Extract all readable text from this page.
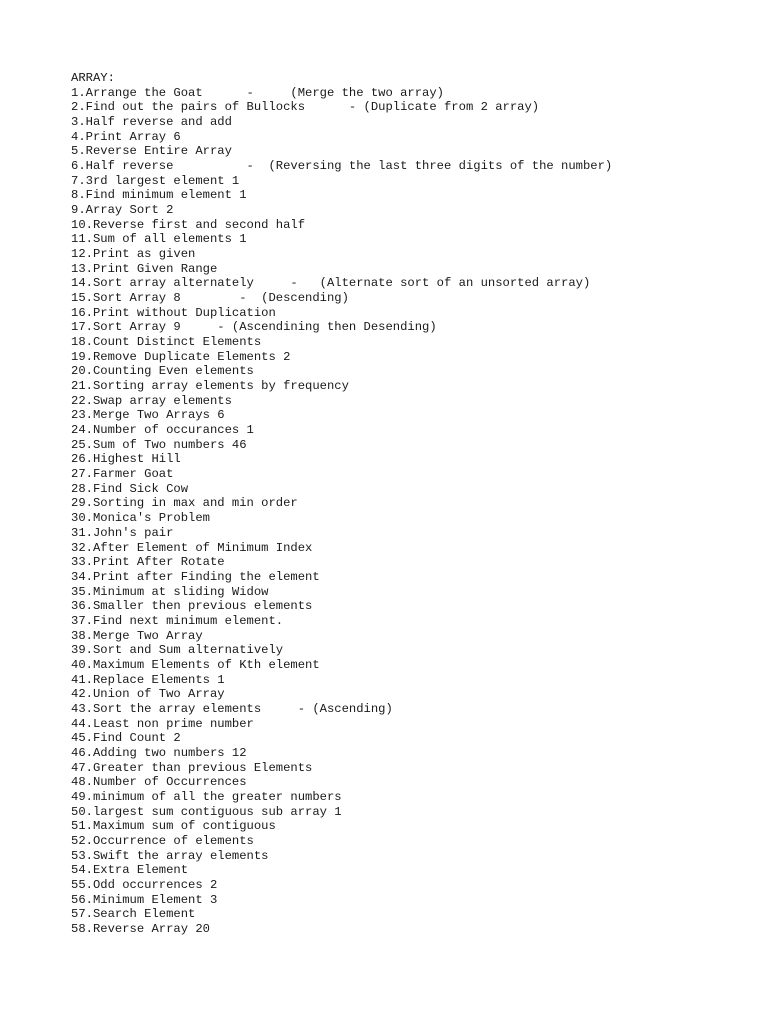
ARRAY:
1.Arrange the Goat      -     (Merge the two array)
2.Find out the pairs of Bullocks      - (Duplicate from 2 array)
3.Half reverse and add
4.Print Array 6
5.Reverse Entire Array
6.Half reverse          -  (Reversing the last three digits of the number)
7.3rd largest element 1
8.Find minimum element 1
9.Array Sort 2
10.Reverse first and second half
11.Sum of all elements 1
12.Print as given
13.Print Given Range
14.Sort array alternately     -   (Alternate sort of an unsorted array)
15.Sort Array 8        -  (Descending)
16.Print without Duplication
17.Sort Array 9     - (Ascendining then Desending)
18.Count Distinct Elements
19.Remove Duplicate Elements 2
20.Counting Even elements
21.Sorting array elements by frequency
22.Swap array elements
23.Merge Two Arrays 6
24.Number of occurances 1
25.Sum of Two numbers 46
26.Highest Hill
27.Farmer Goat
28.Find Sick Cow
29.Sorting in max and min order
30.Monica's Problem
31.John's pair
32.After Element of Minimum Index
33.Print After Rotate
34.Print after Finding the element
35.Minimum at sliding Widow
36.Smaller then previous elements
37.Find next minimum element.
38.Merge Two Array
39.Sort and Sum alternatively
40.Maximum Elements of Kth element
41.Replace Elements 1
42.Union of Two Array
43.Sort the array elements     - (Ascending)
44.Least non prime number
45.Find Count 2
46.Adding two numbers 12
47.Greater than previous Elements
48.Number of Occurrences
49.minimum of all the greater numbers
50.largest sum contiguous sub array 1
51.Maximum sum of contiguous
52.Occurrence of elements
53.Swift the array elements
54.Extra Element
55.Odd occurrences 2
56.Minimum Element 3
57.Search Element
58.Reverse Array 20
